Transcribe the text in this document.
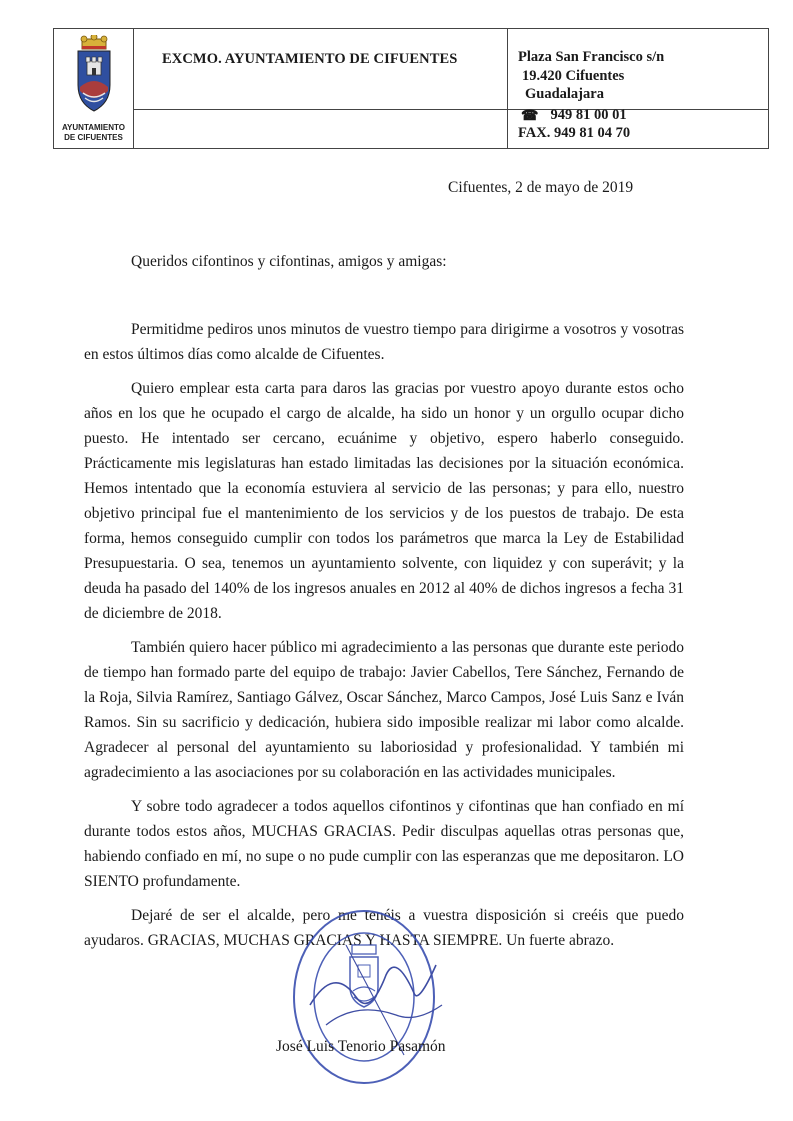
AYUNTAMIENTO
DE CIFUENTES
EXCMO. AYUNTAMIENTO DE CIFUENTES	Plaza San Francisco s/n
19.420 Cifuentes
Guadalajara
☎ 949 81 00 01
FAX. 949 81 04 70
Cifuentes, 2 de mayo de 2019
Queridos cifontinos y cifontinas, amigos y amigas:

Permitidme pediros unos minutos de vuestro tiempo para dirigirme a vosotros y vosotras en estos últimos días como alcalde de Cifuentes.

Quiero emplear esta carta para daros las gracias por vuestro apoyo durante estos ocho años en los que he ocupado el cargo de alcalde, ha sido un honor y un orgullo ocupar dicho puesto. He intentado ser cercano, ecuánime y objetivo, espero haberlo conseguido. Prácticamente mis legislaturas han estado limitadas las decisiones por la situación económica. Hemos intentado que la economía estuviera al servicio de las personas; y para ello, nuestro objetivo principal fue el mantenimiento de los servicios y de los puestos de trabajo. De esta forma, hemos conseguido cumplir con todos los parámetros que marca la Ley de Estabilidad Presupuestaria. O sea, tenemos un ayuntamiento solvente, con liquidez y con superávit; y la deuda ha pasado del 140% de los ingresos anuales en 2012 al 40% de dichos ingresos a fecha 31 de diciembre de 2018.

También quiero hacer público mi agradecimiento a las personas que durante este periodo de tiempo han formado parte del equipo de trabajo: Javier Cabellos, Tere Sánchez, Fernando de la Roja, Silvia Ramírez, Santiago Gálvez, Oscar Sánchez, Marco Campos, José Luis Sanz e Iván Ramos. Sin su sacrificio y dedicación, hubiera sido imposible realizar mi labor como alcalde. Agradecer al personal del ayuntamiento su laboriosidad y profesionalidad. Y también mi agradecimiento a las asociaciones por su colaboración en las actividades municipales.

Y sobre todo agradecer a todos aquellos cifontinos y cifontinas que han confiado en mí durante todos estos años, MUCHAS GRACIAS. Pedir disculpas aquellas otras personas que, habiendo confiado en mí, no supe o no pude cumplir con las esperanzas que me depositaron. LO SIENTO profundamente.

Dejaré de ser el alcalde, pero me tenéis a vuestra disposición si creéis que puedo ayudaros. GRACIAS, MUCHAS GRACIAS Y HASTA SIEMPRE. Un fuerte abrazo.

José Luis Tenorio Pasamón
